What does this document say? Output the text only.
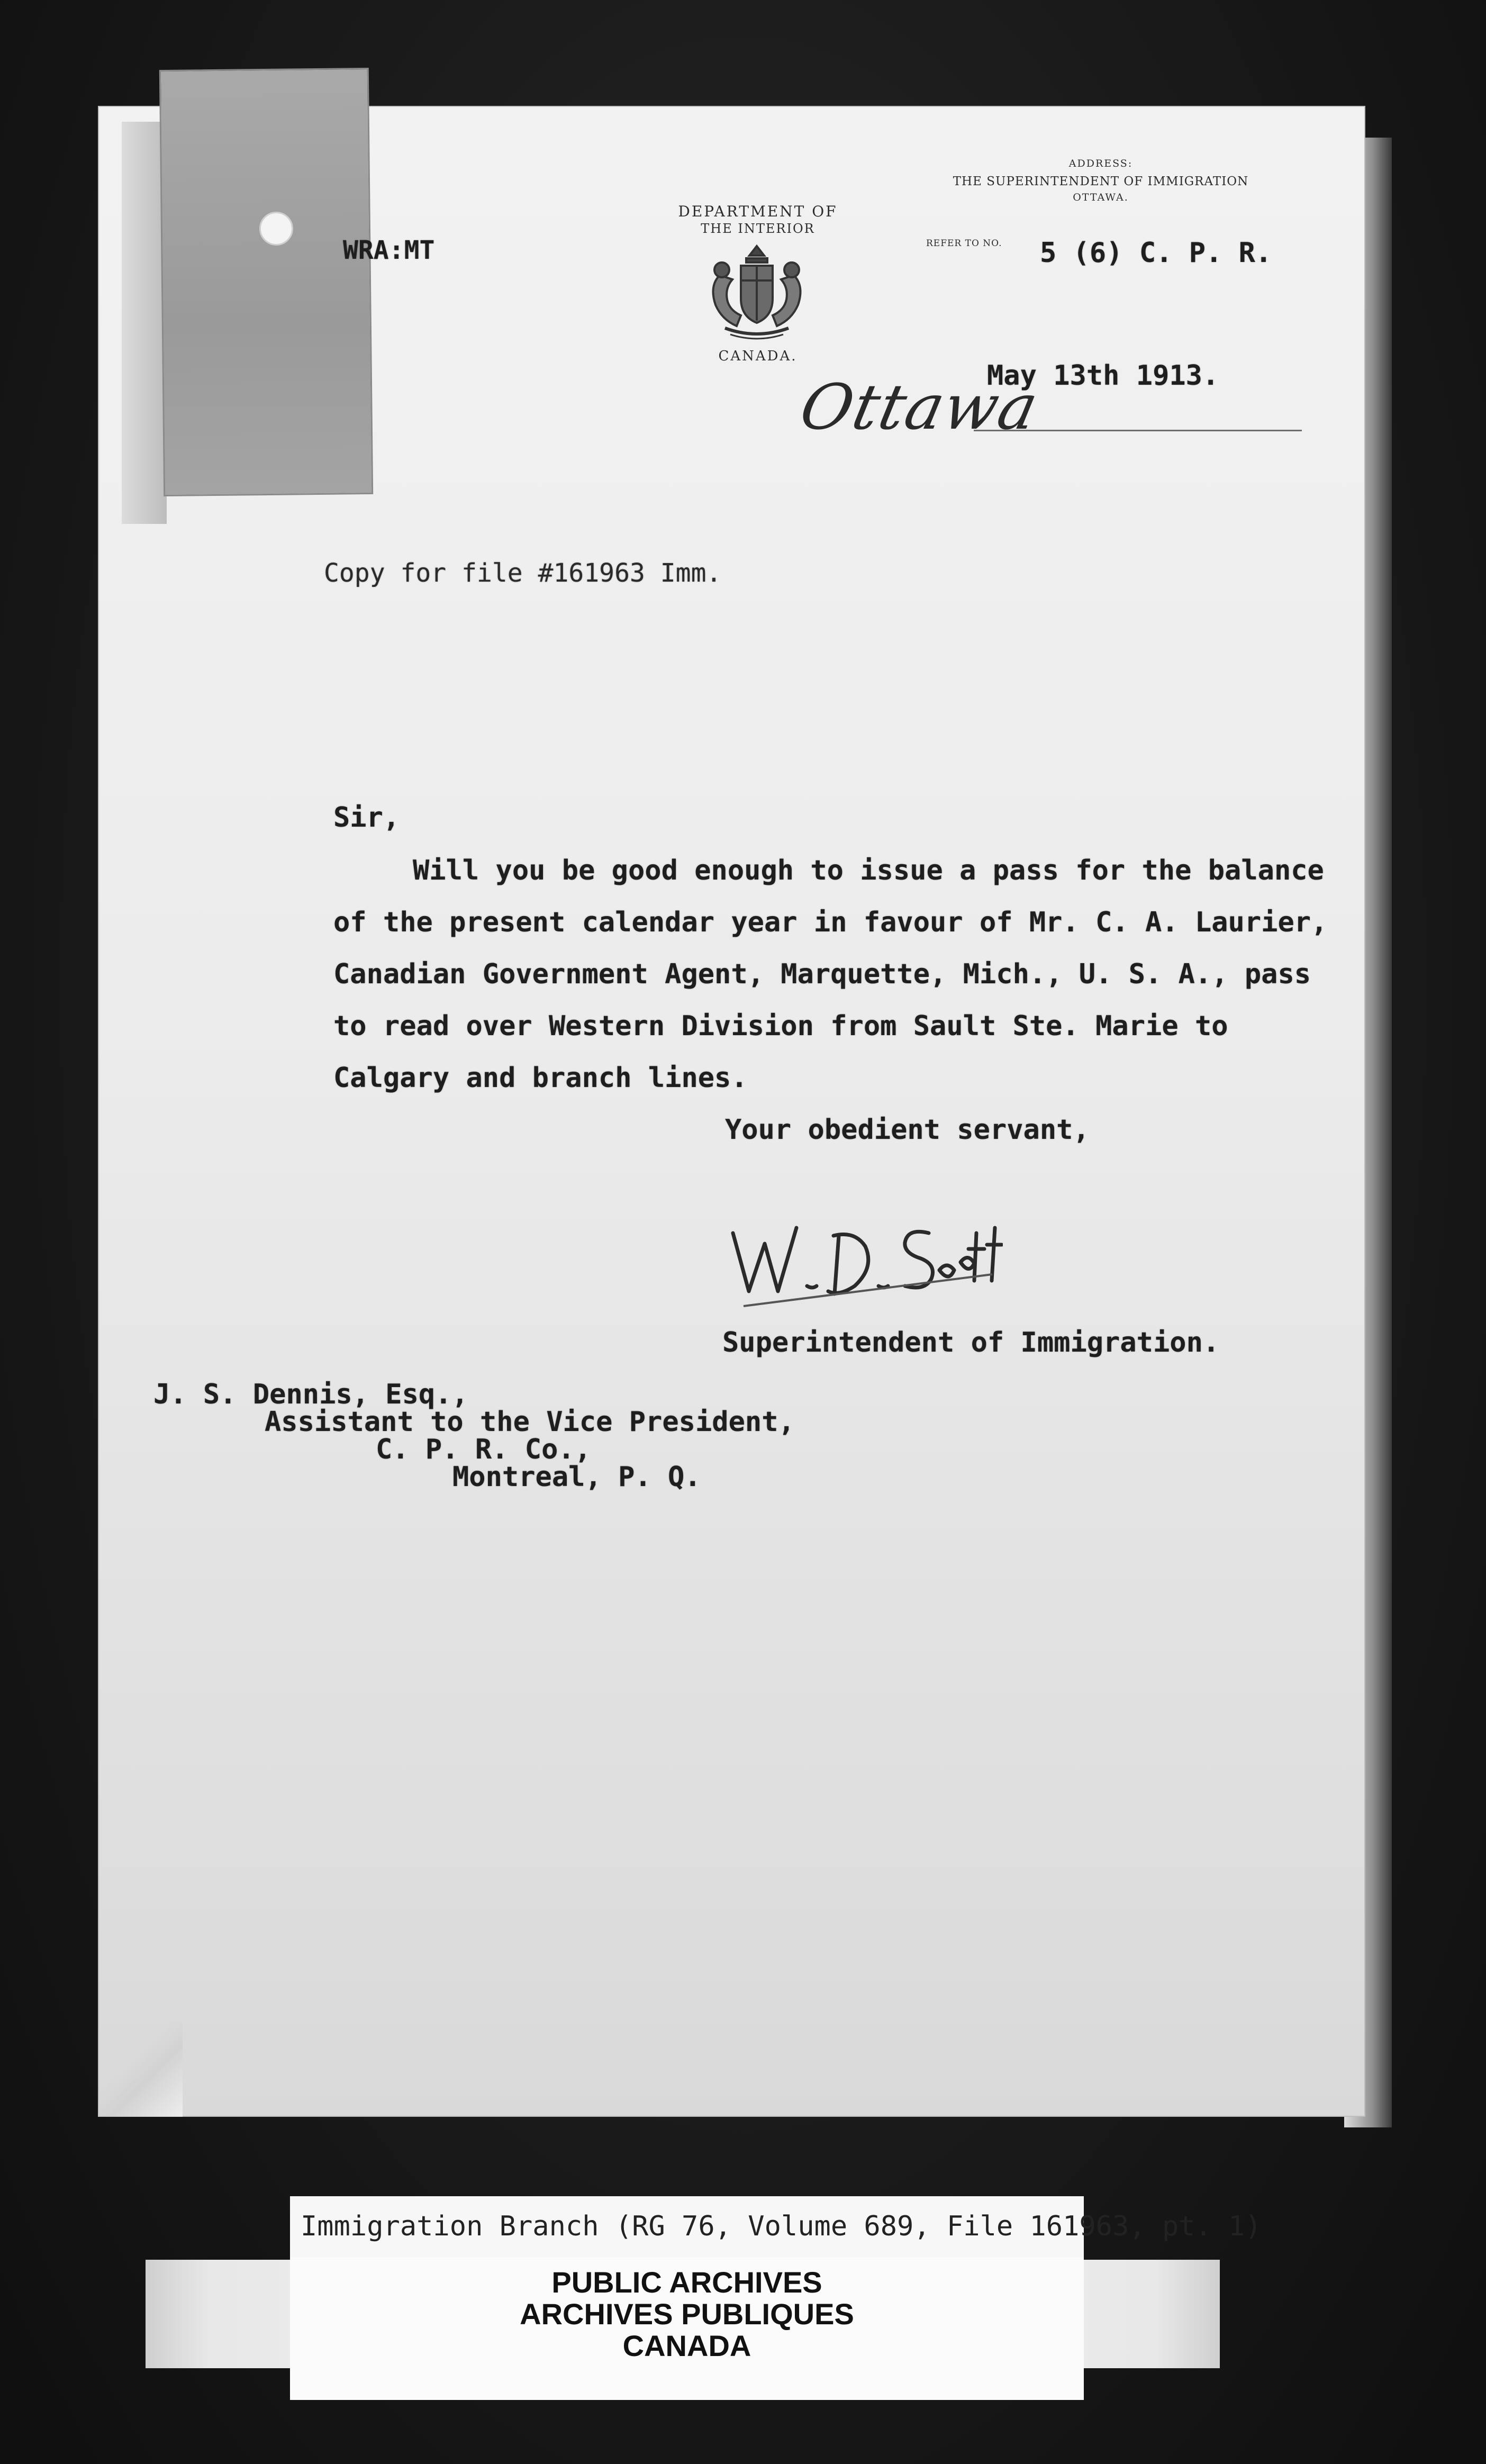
WRA:MT
DEPARTMENT OF
THE INTERIOR
CANADA.
ADDRESS:
THE SUPERINTENDENT OF IMMIGRATION
OTTAWA.
REFER TO NO.	5 (6) C. P. R.
Ottawa
May 13th 1913.
Copy for file #161963 Imm.
Sir,
Will you be good enough to issue a pass for the balance
of the present calendar year in favour of Mr. C. A. Laurier,
Canadian Government Agent, Marquette, Mich., U. S. A., pass
to read over Western Division from Sault Ste. Marie to
Calgary and branch lines.
Your obedient servant,
Superintendent of Immigration.
J. S. Dennis, Esq.,
Assistant to the Vice President,
C. P. R. Co.,
Montreal, P. Q.
Immigration Branch (RG 76, Volume 689, File 161963, pt. 1)
PUBLIC ARCHIVES
ARCHIVES PUBLIQUES
CANADA
